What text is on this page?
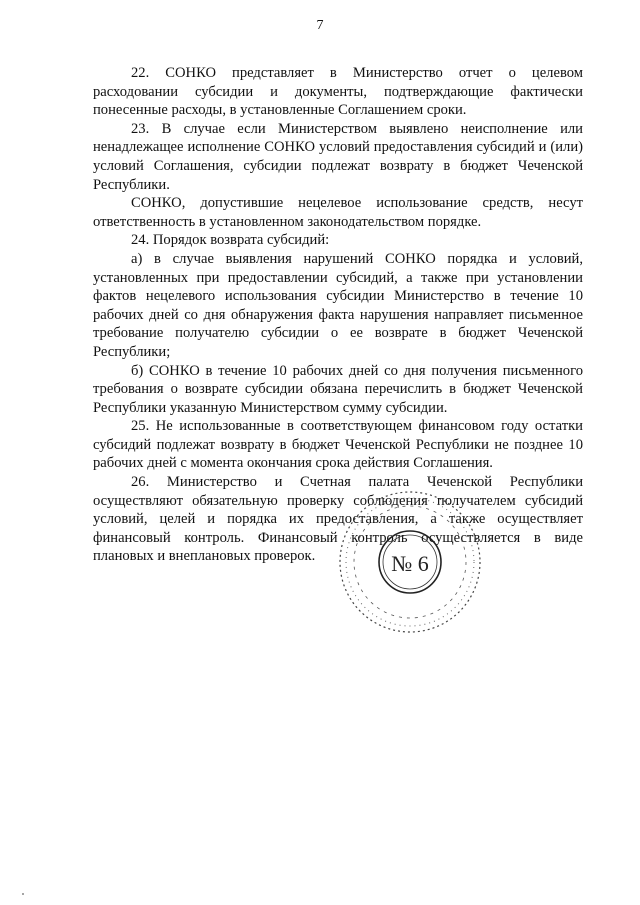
7

22. СОНКО представляет в Министерство отчет о целевом расходовании субсидии и документы, подтверждающие фактически понесенные расходы, в установленные Соглашением сроки.

23. В случае если Министерством выявлено неисполнение или ненадлежащее исполнение СОНКО условий предоставления субсидий и (или) условий Соглашения, субсидии подлежат возврату в бюджет Чеченской Республики.

СОНКО, допустившие нецелевое использование средств, несут ответственность в установленном законодательством порядке.

24. Порядок возврата субсидий:

а) в случае выявления нарушений СОНКО порядка и условий, установленных при предоставлении субсидий, а также при установлении фактов нецелевого использования субсидии Министерство в течение 10 рабочих дней со дня обнаружения факта нарушения направляет письменное требование получателю субсидии о ее возврате в бюджет Чеченской Республики;

б) СОНКО в течение 10 рабочих дней со дня получения письменного требования о возврате субсидии обязана перечислить в бюджет Чеченской Республики указанную Министерством сумму субсидии.

25. Не использованные в соответствующем финансовом году остатки субсидий подлежат возврату в бюджет Чеченской Республики не позднее 10 рабочих дней с момента окончания срока действия Соглашения.

26. Министерство и Счетная палата Чеченской Республики осуществляют обязательную проверку соблюдения получателем субсидий условий, целей и порядка их предоставления, а также осуществляет финансовый контроль. Финансовый контроль осуществляется в виде плановых и внеплановых проверок.	№ 6
